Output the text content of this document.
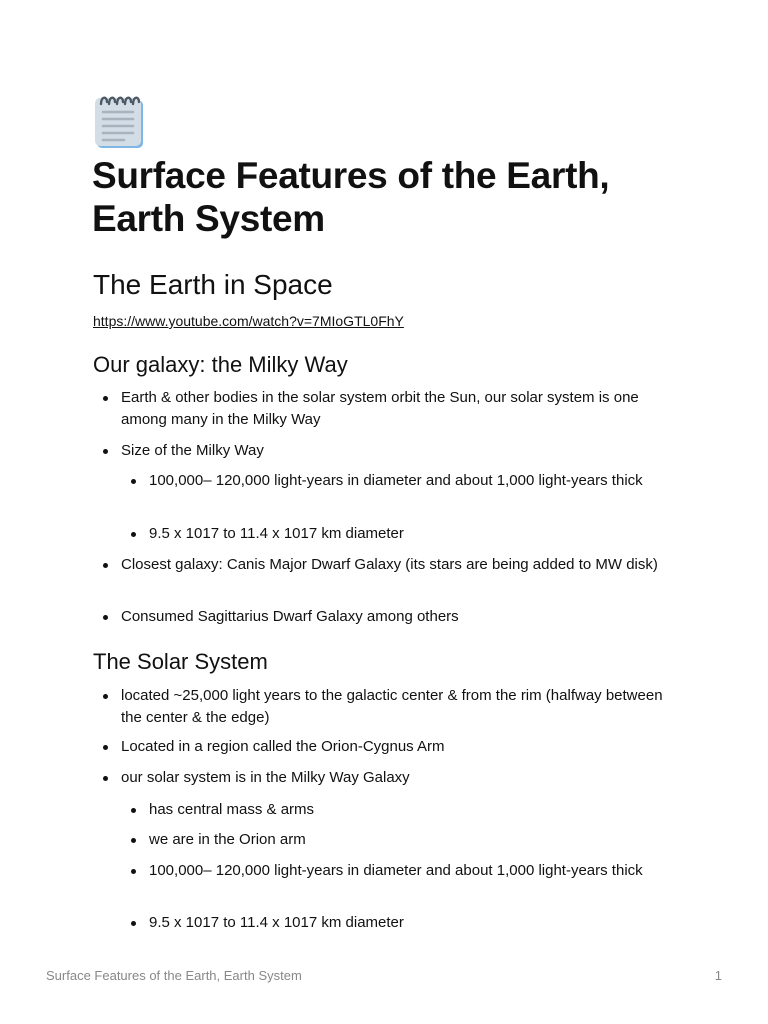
Surface Features of the Earth, Earth System
The Earth in Space
https://www.youtube.com/watch?v=7MIoGTL0FhY
Our galaxy: the Milky Way
Earth & other bodies in the solar system orbit the Sun, our solar system is one among many in the Milky Way
Size of the Milky Way
100,000– 120,000 light-years in diameter and about 1,000 light-years thick
9.5 x 1017 to 11.4 x 1017 km diameter
Closest galaxy: Canis Major Dwarf Galaxy (its stars are being added to MW disk)
Consumed Sagittarius Dwarf Galaxy among others
The Solar System
located ~25,000 light years to the galactic center & from the rim (halfway between the center & the edge)
Located in a region called the Orion-Cygnus Arm
our solar system is in the Milky Way Galaxy
has central mass & arms
we are in the Orion arm
100,000– 120,000 light-years in diameter and about 1,000 light-years thick
9.5 x 1017 to 11.4 x 1017 km diameter
Surface Features of the Earth, Earth System	1
